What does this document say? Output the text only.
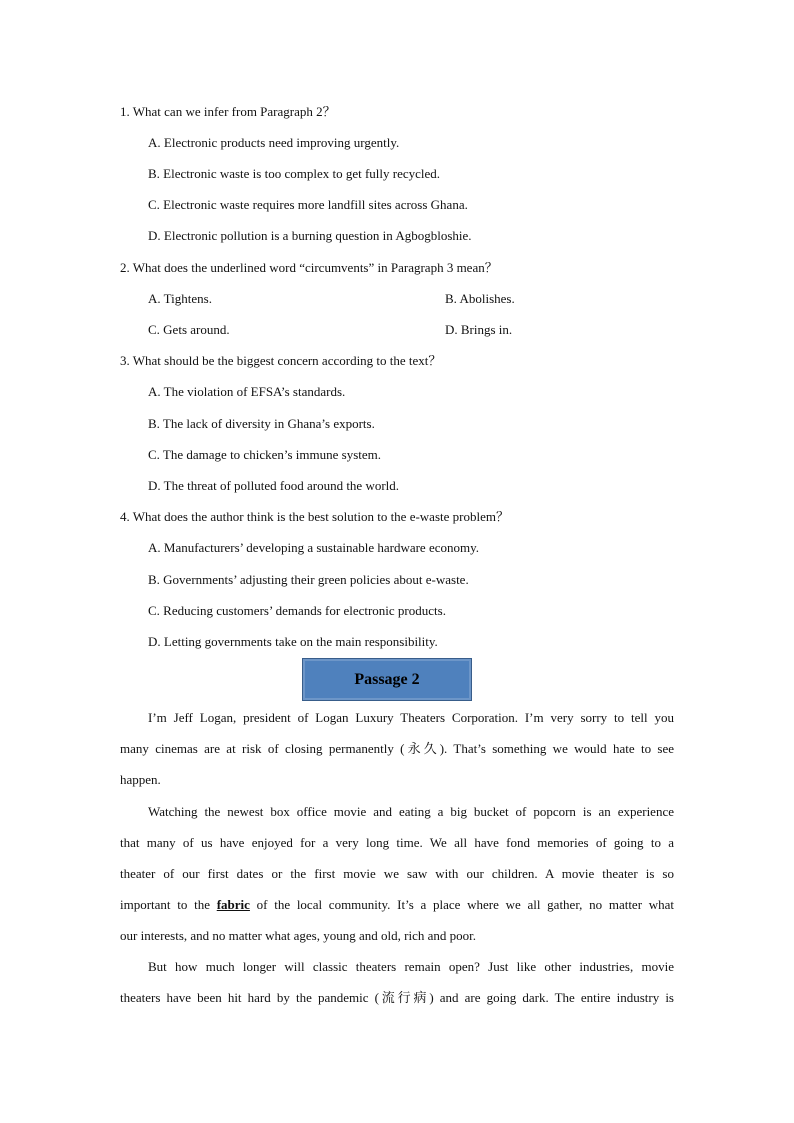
1. What can we infer from Paragraph 2？
A. Electronic products need improving urgently.
B. Electronic waste is too complex to get fully recycled.
C. Electronic waste requires more landfill sites across Ghana.
D. Electronic pollution is a burning question in Agbogbloshie.
2. What does the underlined word “circumvents” in Paragraph 3 mean？
A. Tightens.	B. Abolishes.
C. Gets around.	D. Brings in.
3. What should be the biggest concern according to the text？
A. The violation of EFSA’s standards.
B. The lack of diversity in Ghana’s exports.
C. The damage to chicken’s immune system.
D. The threat of polluted food around the world.
4. What does the author think is the best solution to the e-waste problem？
A. Manufacturers’ developing a sustainable hardware economy.
B. Governments’ adjusting their green policies about e-waste.
C. Reducing customers’ demands for electronic products.
D. Letting governments take on the main responsibility.
Passage 2
I’m Jeff Logan, president of Logan Luxury Theaters Corporation. I’m very sorry to tell you
many cinemas are at risk of closing permanently (永久). That’s something we would hate to see
happen.
Watching the newest box office movie and eating a big bucket of popcorn is an experience
that many of us have enjoyed for a very long time. We all have fond memories of going to a
theater of our first dates or the first movie we saw with our children. A movie theater is so
important to the fabric of the local community. It’s a place where we all gather, no matter what
our interests, and no matter what ages, young and old, rich and poor.
But how much longer will classic theaters remain open? Just like other industries, movie
theaters have been hit hard by the pandemic (流行病) and are going dark. The entire industry is
